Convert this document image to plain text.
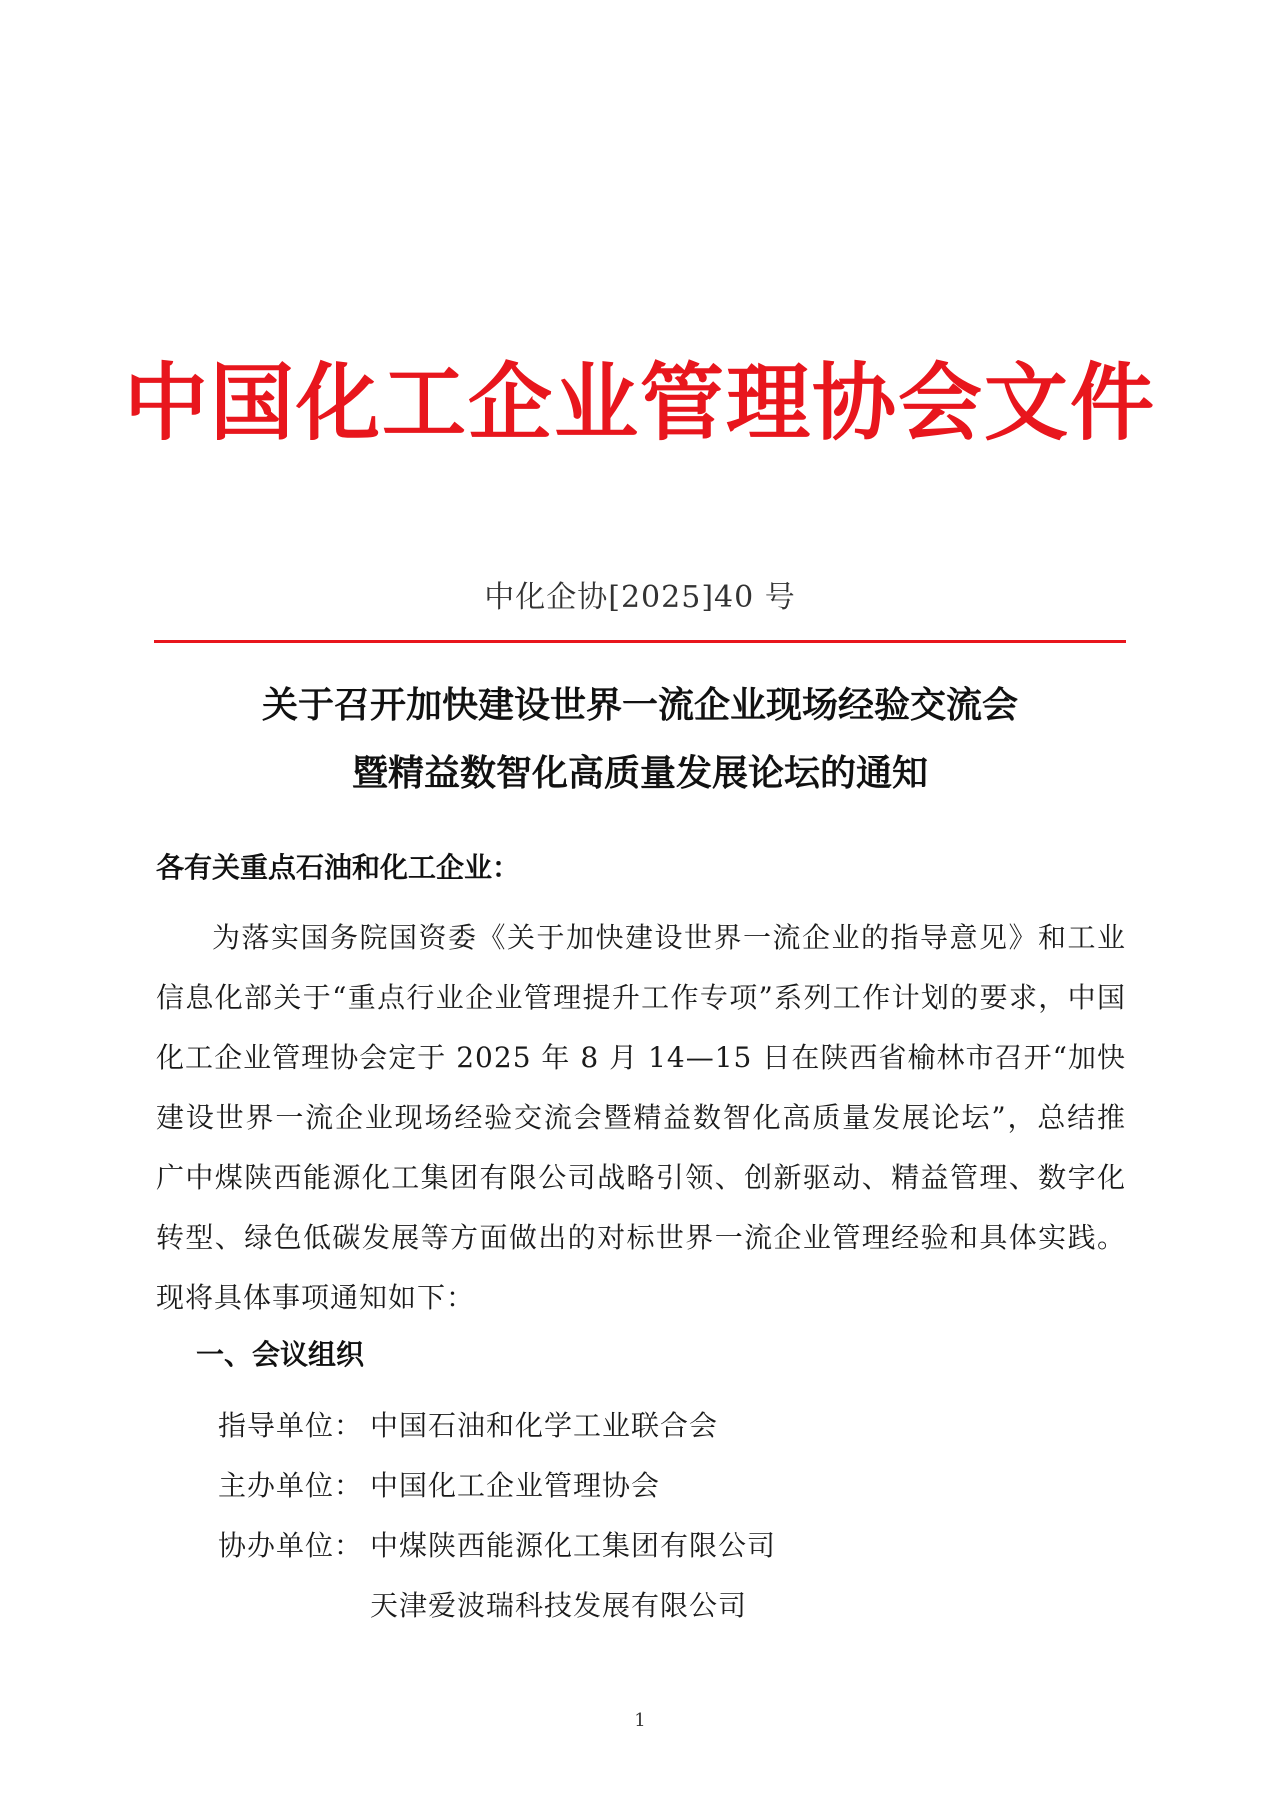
中国化工企业管理协会文件
中化企协[2025]40 号
关于召开加快建设世界一流企业现场经验交流会
暨精益数智化高质量发展论坛的通知
各有关重点石油和化工企业：
为落实国务院国资委《关于加快建设世界一流企业的指导意见》和工业信息化部关于“重点行业企业管理提升工作专项”系列工作计划的要求，中国化工企业管理协会定于 2025 年 8 月 14—15 日在陕西省榆林市召开“加快建设世界一流企业现场经验交流会暨精益数智化高质量发展论坛”，总结推广中煤陕西能源化工集团有限公司战略引领、创新驱动、精益管理、数字化转型、绿色低碳发展等方面做出的对标世界一流企业管理经验和具体实践。现将具体事项通知如下：
一、会议组织
指导单位： 中国石油和化学工业联合会
主办单位： 中国化工企业管理协会
协办单位： 中煤陕西能源化工集团有限公司
天津爱波瑞科技发展有限公司
1
